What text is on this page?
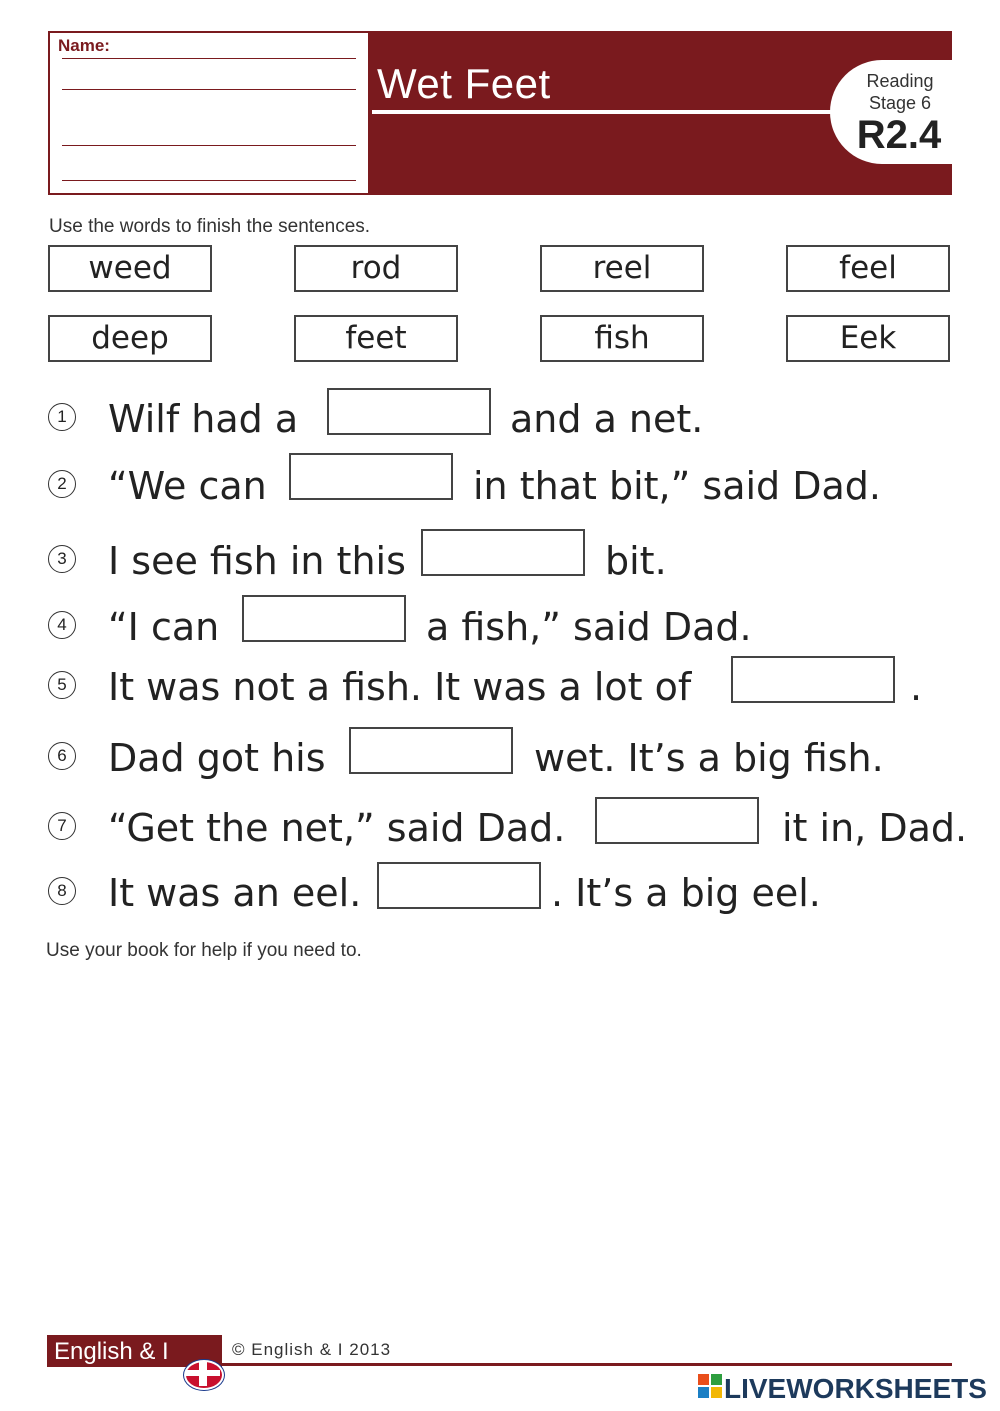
Name:
Wet Feet	Reading
Stage 6
R2.4
Use the words to finish the sentences.
weed	rod	reel	feel
deep	feet	fish	Eek
1 Wilf had a	and a net.
2 “We can	in that bit,” said Dad.
3 I see fish in this	bit.
4 “I can	a fish,” said Dad.
5 It was not a fish. It was a lot of	.
6 Dad got his	wet. It’s a big fish.
7 “Get the net,” said Dad.	it in, Dad.
8 It was an eel.	. It’s a big eel.
Use your book for help if you need to.
English & I	© English & I 2013
LIVEWORKSHEETS
